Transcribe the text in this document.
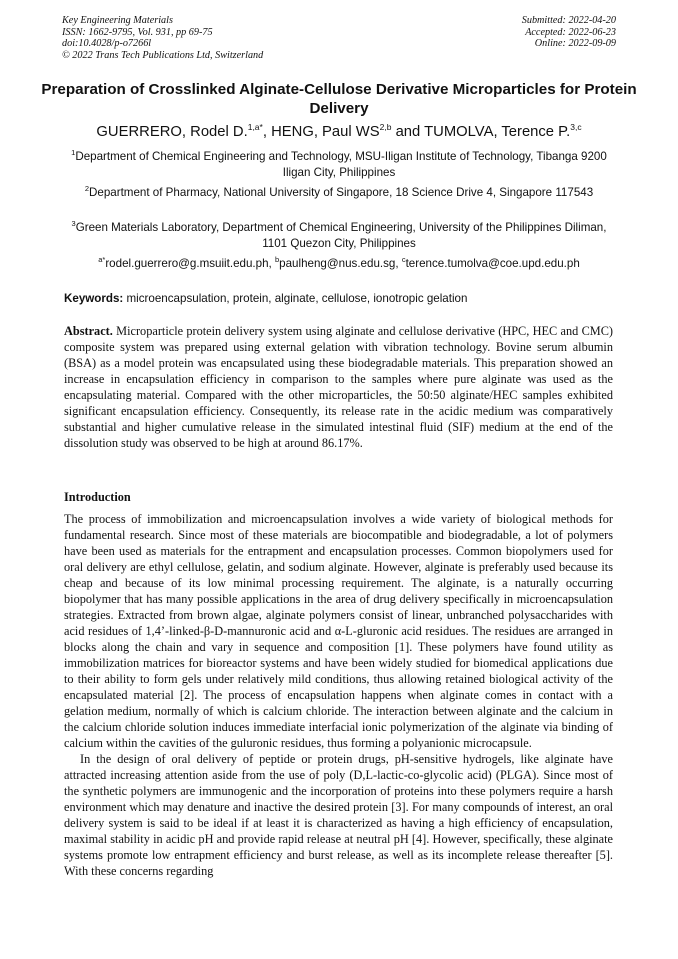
Key Engineering Materials
ISSN: 1662-9795, Vol. 931, pp 69-75
doi:10.4028/p-o7266l
© 2022 Trans Tech Publications Ltd, Switzerland
Submitted: 2022-04-20
Accepted: 2022-06-23
Online: 2022-09-09
Preparation of Crosslinked Alginate-Cellulose Derivative Microparticles for Protein Delivery
GUERRERO, Rodel D.$^{1,a*}$, HENG, Paul WS$^{2,b}$ and TUMOLVA, Terence P.$^{3,c}$
$^1$Department of Chemical Engineering and Technology, MSU-Iligan Institute of Technology, Tibanga 9200 Iligan City, Philippines
$^2$Department of Pharmacy, National University of Singapore, 18 Science Drive 4, Singapore 117543
$^3$Green Materials Laboratory, Department of Chemical Engineering, University of the Philippines Diliman, 1101 Quezon City, Philippines
$^{a*}$rodel.guerrero@g.msuiit.edu.ph, $^b$paulheng@nus.edu.sg, $^c$terence.tumolva@coe.upd.edu.ph
Keywords: microencapsulation, protein, alginate, cellulose, ionotropic gelation
Abstract. Microparticle protein delivery system using alginate and cellulose derivative (HPC, HEC and CMC) composite system was prepared using external gelation with vibration technology. Bovine serum albumin (BSA) as a model protein was encapsulated using these biodegradable materials. This preparation showed an increase in encapsulation efficiency in comparison to the samples where pure alginate was used as the encapsulating material. Compared with the other microparticles, the 50:50 alginate/HEC samples exhibited significant encapsulation efficiency. Consequently, its release rate in the acidic medium was comparatively substantial and higher cumulative release in the simulated intestinal fluid (SIF) medium at the end of the dissolution study was observed to be high at around 86.17%.
Introduction

The process of immobilization and microencapsulation involves a wide variety of biological methods for fundamental research. Since most of these materials are biocompatible and biodegradable, a lot of polymers have been used as materials for the entrapment and encapsulation processes. Common biopolymers used for oral delivery are ethyl cellulose, gelatin, and sodium alginate. However, alginate is preferably used because its cheap and because of its low minimal processing requirement. The alginate, is a naturally occurring biopolymer that has many possible applications in the area of drug delivery specifically in microencapsulation strategies. Extracted from brown algae, alginate polymers consist of linear, unbranched polysaccharides with acid residues of 1,4’-linked-β-D-mannuronic acid and α-L-gluronic acid residues. The residues are arranged in blocks along the chain and vary in sequence and composition [1]. These polymers have found utility as immobilization matrices for bioreactor systems and have been widely studied for biomedical applications due to their ability to form gels under relatively mild conditions, thus allowing retained biological activity of the encapsulated material [2]. The process of encapsulation happens when alginate comes in contact with a gelation medium, normally of which is calcium chloride. The interaction between alginate and the calcium in the calcium chloride solution induces immediate interfacial ionic polymerization of the alginate via binding of calcium within the cavities of the guluronic residues, thus forming a polyanionic microcapsule.

In the design of oral delivery of peptide or protein drugs, pH-sensitive hydrogels, like alginate have attracted increasing attention aside from the use of poly (D,L-lactic-co-glycolic acid) (PLGA). Since most of the synthetic polymers are immunogenic and the incorporation of proteins into these polymers require a harsh environment which may denature and inactive the desired protein [3]. For many compounds of interest, an oral delivery system is said to be ideal if at least it is characterized as having a high efficiency of encapsulation, maximal stability in acidic pH and provide rapid release at neutral pH [4]. However, specifically, these alginate systems promote low entrapment efficiency and burst release, as well as its incomplete release thereafter [5]. With these concerns regarding
